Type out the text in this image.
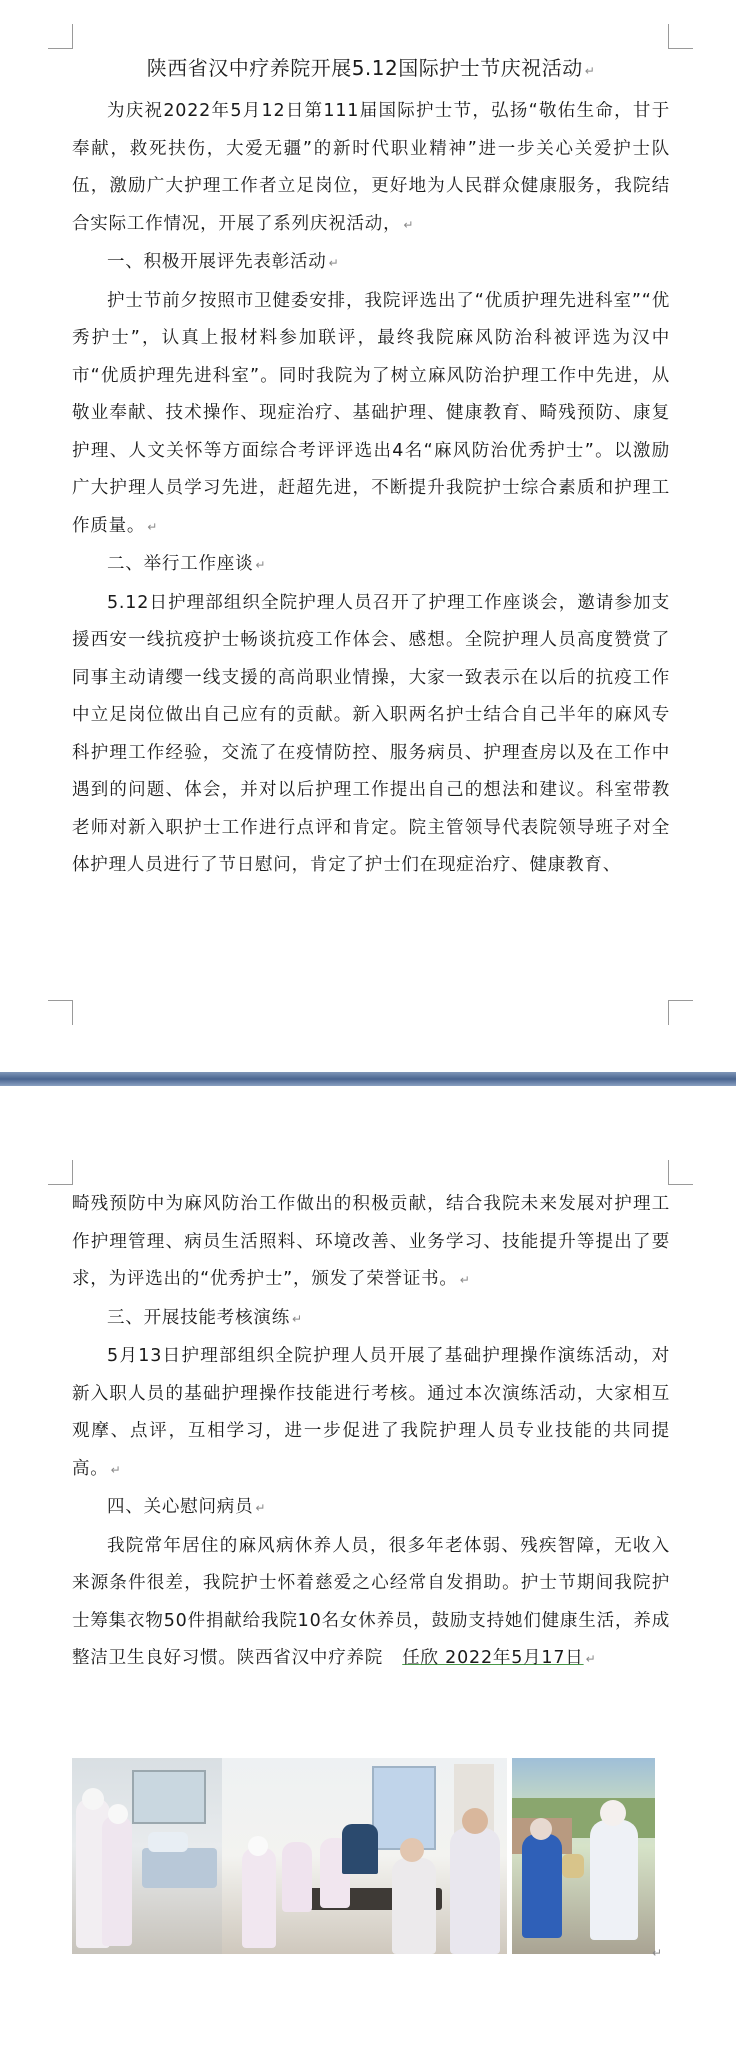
陕西省汉中疗养院开展5.12国际护士节庆祝活动 ↵

为庆祝2022年5月12日第111届国际护士节，弘扬“敬佑生命，甘于奉献，救死扶伤，大爱无疆”的新时代职业精神”进一步关心关爱护士队伍，激励广大护理工作者立足岗位，更好地为人民群众健康服务，我院结合实际工作情况，开展了系列庆祝活动， ↵

一、积极开展评先表彰活动 ↵

护士节前夕按照市卫健委安排，我院评选出了“优质护理先进科室”“优秀护士”，认真上报材料参加联评，最终我院麻风防治科被评选为汉中市“优质护理先进科室”。同时我院为了树立麻风防治护理工作中先进，从敬业奉献、技术操作、现症治疗、基础护理、健康教育、畸残预防、康复护理、人文关怀等方面综合考评评选出4名“麻风防治优秀护士”。以激励广大护理人员学习先进，赶超先进，不断提升我院护士综合素质和护理工作质量。 ↵

二、举行工作座谈 ↵

5.12日护理部组织全院护理人员召开了护理工作座谈会，邀请参加支援西安一线抗疫护士畅谈抗疫工作体会、感想。全院护理人员高度赞赏了同事主动请缨一线支援的高尚职业情操，大家一致表示在以后的抗疫工作中立足岗位做出自己应有的贡献。新入职两名护士结合自己半年的麻风专科护理工作经验，交流了在疫情防控、服务病员、护理查房以及在工作中遇到的问题、体会，并对以后护理工作提出自己的想法和建议。科室带教老师对新入职护士工作进行点评和肯定。院主管领导代表院领导班子对全体护理人员进行了节日慰问，肯定了护士们在现症治疗、健康教育、

畸残预防中为麻风防治工作做出的积极贡献，结合我院未来发展对护理工作护理管理、病员生活照料、环境改善、业务学习、技能提升等提出了要求，为评选出的“优秀护士”，颁发了荣誉证书。 ↵

三、开展技能考核演练 ↵

5月13日护理部组织全院护理人员开展了基础护理操作演练活动，对新入职人员的基础护理操作技能进行考核。通过本次演练活动，大家相互观摩、点评，互相学习，进一步促进了我院护理人员专业技能的共同提高。 ↵

四、关心慰问病员 ↵

我院常年居住的麻风病休养人员，很多年老体弱、残疾智障，无收入来源条件很差，我院护士怀着慈爱之心经常自发捐助。护士节期间我院护士筹集衣物50件捐献给我院10名女休养员，鼓励支持她们健康生活，养成整洁卫生良好习惯。陕西省汉中疗养院 任欣 2022年5月17日 ↵

↵
